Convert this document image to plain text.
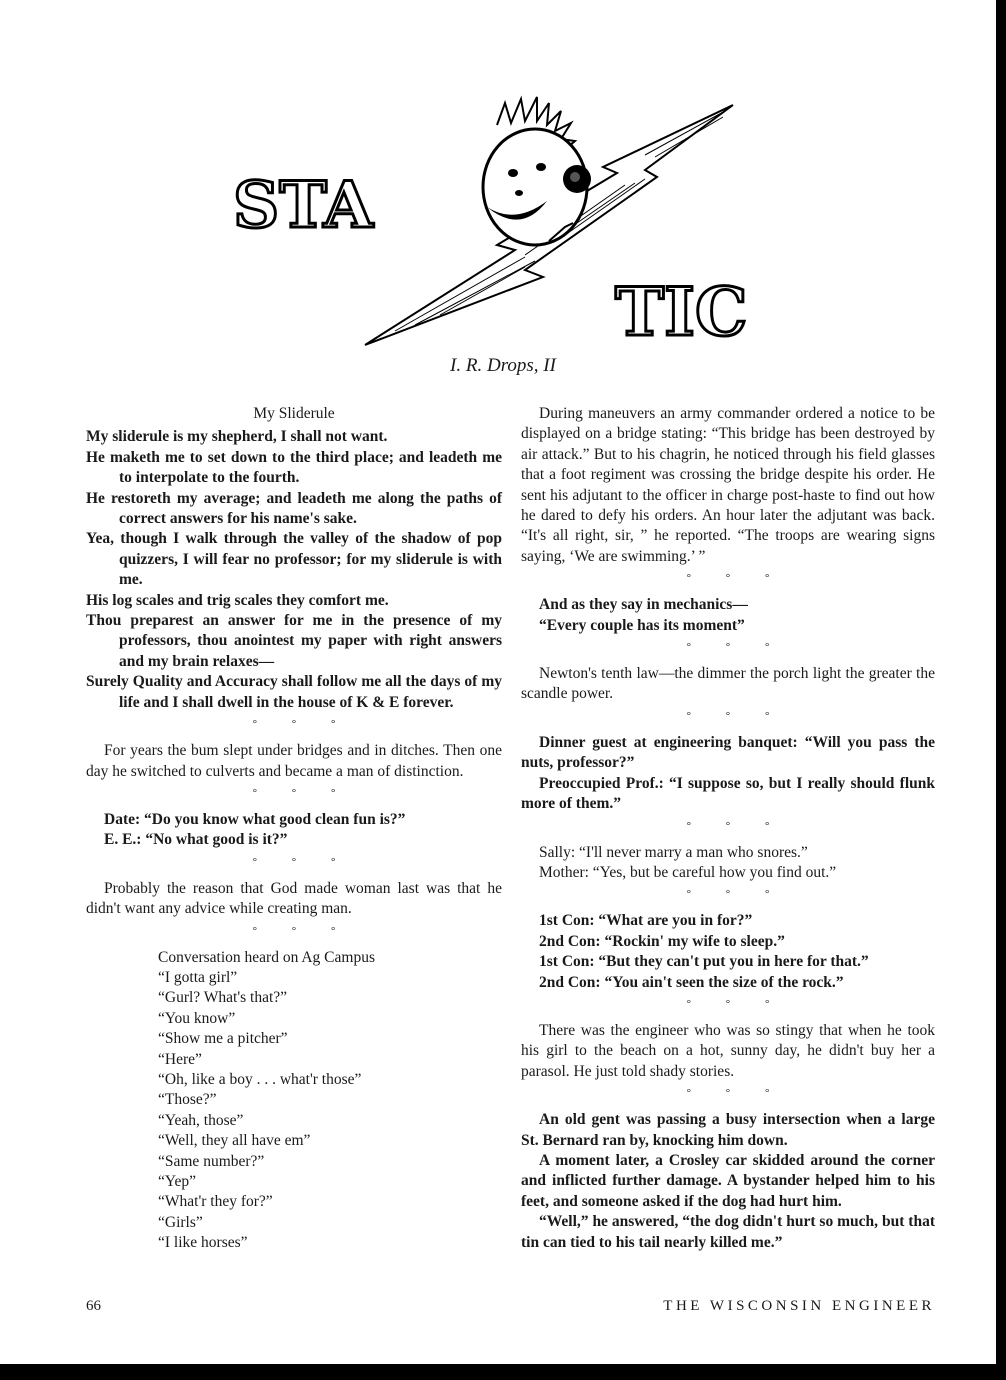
STA
TIC
I. R. Drops, II
My Sliderule

My sliderule is my shepherd, I shall not want.

He maketh me to set down to the third place; and leadeth me to interpolate to the fourth.

He restoreth my average; and leadeth me along the paths of correct answers for his name's sake.

Yea, though I walk through the valley of the shadow of pop quizzers, I will fear no professor; for my sliderule is with me.

His log scales and trig scales they comfort me.

Thou preparest an answer for me in the presence of my professors, thou anointest my paper with right answers and my brain relaxes—

Surely Quality and Accuracy shall follow me all the days of my life and I shall dwell in the house of K & E forever.

° ° °

For years the bum slept under bridges and in ditches. Then one day he switched to culverts and became a man of distinction.

° ° °

Date: “Do you know what good clean fun is?”

E. E.: “No what good is it?”

° ° °

Probably the reason that God made woman last was that he didn't want any advice while creating man.

° ° °
Conversation heard on Ag Campus
“I gotta girl”
“Gurl? What's that?”
“You know”
“Show me a pitcher”
“Here”
“Oh, like a boy . . . what'r those”
“Those?”
“Yeah, those”
“Well, they all have em”
“Same number?”
“Yep”
“What'r they for?”
“Girls”
“I like horses”

During maneuvers an army commander ordered a notice to be displayed on a bridge stating: “This bridge has been destroyed by air attack.” But to his chagrin, he noticed through his field glasses that a foot regiment was crossing the bridge despite his order. He sent his adjutant to the officer in charge post-haste to find out how he dared to defy his orders. An hour later the adjutant was back. “It's all right, sir, ” he reported. “The troops are wearing signs saying, ‘We are swimming.’ ”

° ° °

And as they say in mechanics—

“Every couple has its moment”

° ° °

Newton's tenth law—the dimmer the porch light the greater the scandle power.

° ° °

Dinner guest at engineering banquet: “Will you pass the nuts, professor?”

Preoccupied Prof.: “I suppose so, but I really should flunk more of them.”

° ° °

Sally: “I'll never marry a man who snores.”

Mother: “Yes, but be careful how you find out.”

° ° °

1st Con: “What are you in for?”

2nd Con: “Rockin' my wife to sleep.”

1st Con: “But they can't put you in here for that.”

2nd Con: “You ain't seen the size of the rock.”

° ° °

There was the engineer who was so stingy that when he took his girl to the beach on a hot, sunny day, he didn't buy her a parasol. He just told shady stories.

° ° °

An old gent was passing a busy intersection when a large St. Bernard ran by, knocking him down.

A moment later, a Crosley car skidded around the corner and inflicted further damage. A bystander helped him to his feet, and someone asked if the dog had hurt him.

“Well,” he answered, “the dog didn't hurt so much, but that tin can tied to his tail nearly killed me.”

66	THE WISCONSIN ENGINEER
